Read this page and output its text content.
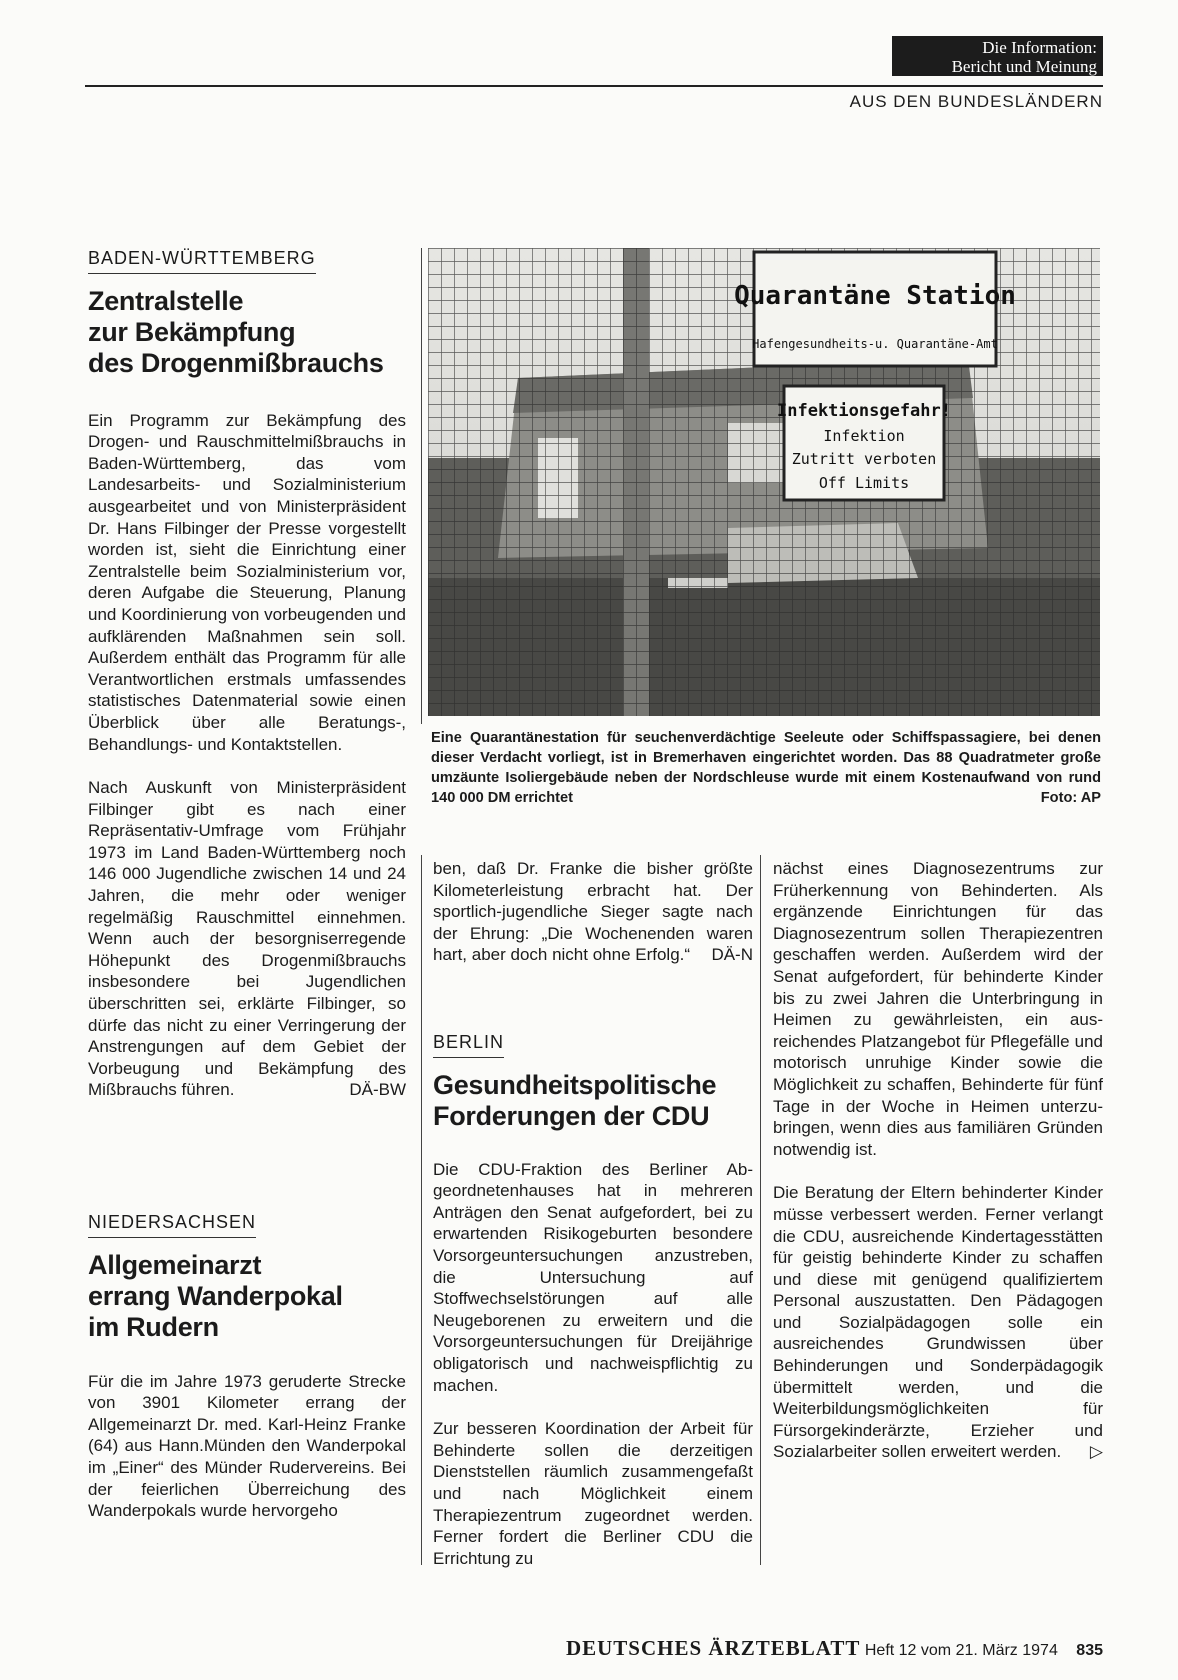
Die Information:
Bericht und Meinung
AUS DEN BUNDESLÄNDERN
BADEN-WÜRTTEMBERG
Zentralstelle
zur Bekämpfung
des Drogenmißbrauchs

Ein Programm zur Bekämpfung des Drogen- und Rauschmittelmißbrauchs in Baden-Württemberg, das vom Landesarbeits- und Sozialministerium ausgearbeitet und von Ministerpräsident Dr. Hans Filbinger der Presse vorgestellt worden ist, sieht die Einrichtung einer Zentralstelle beim Sozialministerium vor, deren Aufgabe die Steuerung, Planung und Koordinierung von vorbeugenden und aufklärenden Maßnahmen sein soll. Außerdem enthält das Programm für alle Verantwortlichen erstmals umfassendes statistisches Datenmaterial sowie einen Überblick über alle Beratungs-, Behandlungs- und Kontaktstellen.

Nach Auskunft von Ministerpräsident Filbinger gibt es nach einer Repräsentativ-Umfrage vom Frühjahr 1973 im Land Baden-Württemberg noch 146 000 Jugendliche zwischen 14 und 24 Jahren, die mehr oder weniger regelmäßig Rauschmittel einnehmen. Wenn auch der besorgniserregende Höhepunkt des Drogenmißbrauchs insbesondere bei Jugendlichen überschritten sei, erklärte Filbinger, so dürfe das nicht zu einer Verringerung der Anstrengungen auf dem Gebiet der Vorbeugung und Bekämpfung des Mißbrauchs führen.	DÄ-BW

NIEDERSACHSEN
Allgemeinarzt
errang Wanderpokal
im Rudern

Für die im Jahre 1973 geruderte Strecke von 3901 Kilometer errang der Allgemeinarzt Dr. med. Karl-Heinz Franke (64) aus Hann.Münden den Wanderpokal im „Einer“ des Münder Rudervereins. Bei der feierlichen Überreichung des Wanderpokals wurde hervorgeho

Quarantäne Station
Hafengesundheits-u. Quarantäne-Amt
Infektionsgefahr!
Infektion
Zutritt verboten
Off Limits
Eine Quarantänestation für seuchenverdächtige Seeleute oder Schiffspassagiere, bei denen dieser Verdacht vorliegt, ist in Bremerhaven eingerichtet worden. Das 88 Quadratmeter große umzäunte Isoliergebäude neben der Nordschleuse wurde mit einem Kostenaufwand von rund 140 000 DM errichtet	Foto: AP

ben, daß Dr. Franke die bisher größte Kilometerleistung erbracht hat. Der sportlich-jugendliche Sieger sagte nach der Ehrung: „Die Wochenenden waren hart, aber doch nicht ohne Erfolg.“ DÄ-N

BERLIN
Gesundheitspolitische
Forderungen der CDU

Die CDU-Fraktion des Berliner Abgeordnetenhauses hat in mehreren Anträgen den Senat aufgefordert, bei zu erwartenden Risikogeburten besondere Vorsorgeuntersuchungen anzustreben, die Untersuchung auf Stoffwechselstörungen auf alle Neugeborenen zu erweitern und die Vorsorgeuntersuchungen für Dreijährige obligatorisch und nachweispflichtig zu machen.

Zur besseren Koordination der Arbeit für Behinderte sollen die derzeitigen Dienststellen räumlich zusammengefaßt und nach Möglichkeit einem Therapiezentrum zugeordnet werden. Ferner fordert die Berliner CDU die Errichtung zu

nächst eines Diagnosezentrums zur Früherkennung von Behinderten. Als ergänzende Einrichtungen für das Diagnosezentrum sollen Therapiezentren geschaffen werden. Außerdem wird der Senat aufgefordert, für behinderte Kinder bis zu zwei Jahren die Unterbringung in Heimen zu gewährleisten, ein ausreichendes Platzangebot für Pflegefälle und motorisch unruhige Kinder sowie die Möglichkeit zu schaffen, Behinderte für fünf Tage in der Woche in Heimen unterzubringen, wenn dies aus familiären Gründen notwendig ist.

Die Beratung der Eltern behinderter Kinder müsse verbessert werden. Ferner verlangt die CDU, ausreichende Kindertagesstätten für geistig behinderte Kinder zu schaffen und diese mit genügend qualifiziertem Personal auszustatten. Den Pädagogen und Sozialpädagogen solle ein ausreichendes Grundwissen über Behinderungen und Sonderpädagogik übermittelt werden, und die Weiterbildungsmöglichkeiten für Fürsorgekinderärzte, Erzieher und Sozialarbeiter sollen erweitert werden. ▷

DEUTSCHES ÄRZTEBLATT Heft 12 vom 21. März 1974 835
